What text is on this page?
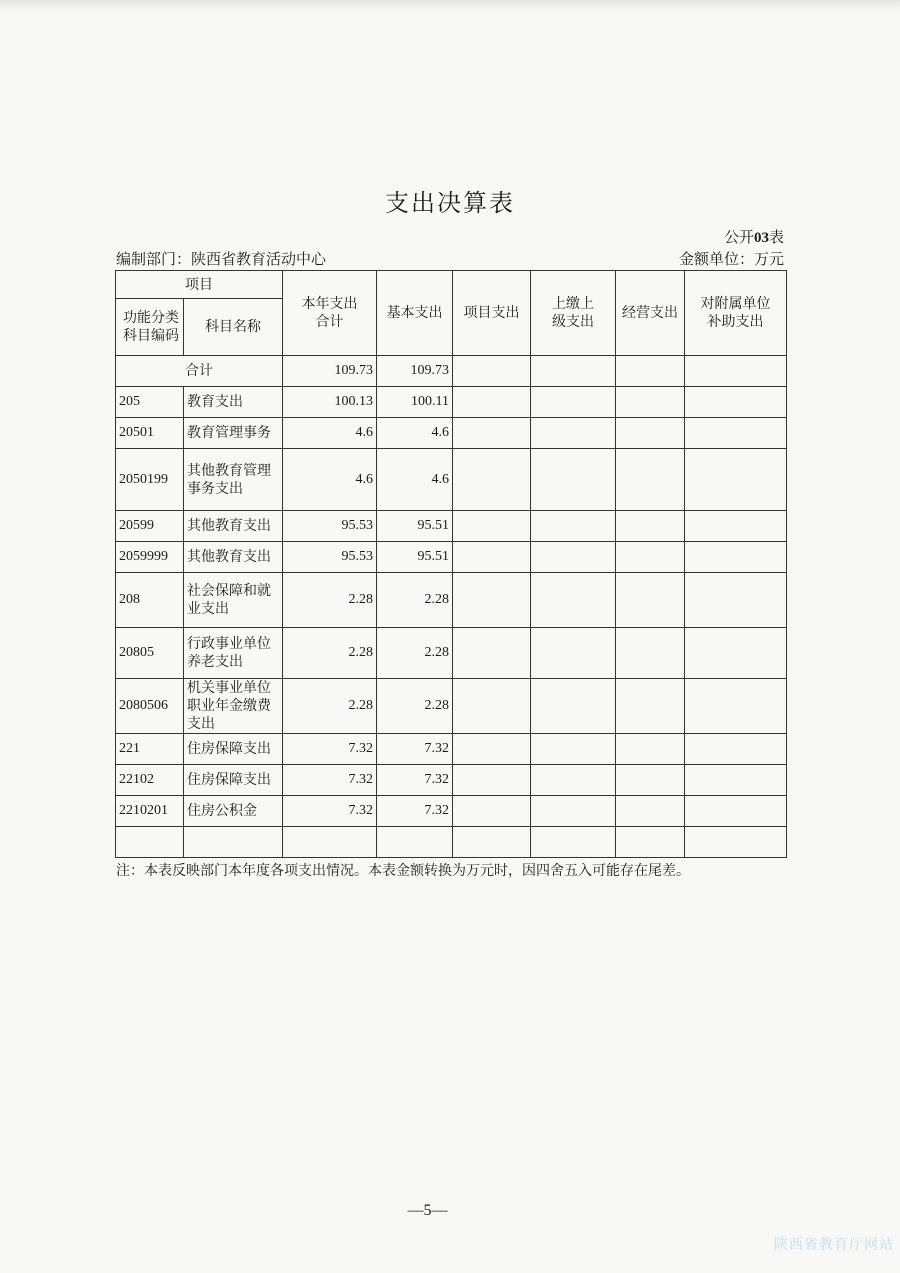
支出决算表
公开03表
编制部门：陕西省教育活动中心	金额单位：万元
项目		本年支出合计	基本支出	项目支出	上缴上级支出	经营支出	对附属单位补助支出

功能分类科目编码	科目名称						
合计		109.73	109.73				
205	教育支出	100.13	100.11				
20501	教育管理事务	4.6	4.6				
2050199	其他教育管理事务支出	4.6	4.6				
20599	其他教育支出	95.53	95.51				
2059999	其他教育支出	95.53	95.51				
208	社会保障和就业支出	2.28	2.28				
20805	行政事业单位养老支出	2.28	2.28				
2080506	机关事业单位职业年金缴费支出	2.28	2.28				
221	住房保障支出	7.32	7.32				
22102	住房保障支出	7.32	7.32				
2210201	住房公积金	7.32	7.32				

注：本表反映部门本年度各项支出情况。本表金额转换为万元时，因四舍五入可能存在尾差。
—5—
陕西省教育厅网站
